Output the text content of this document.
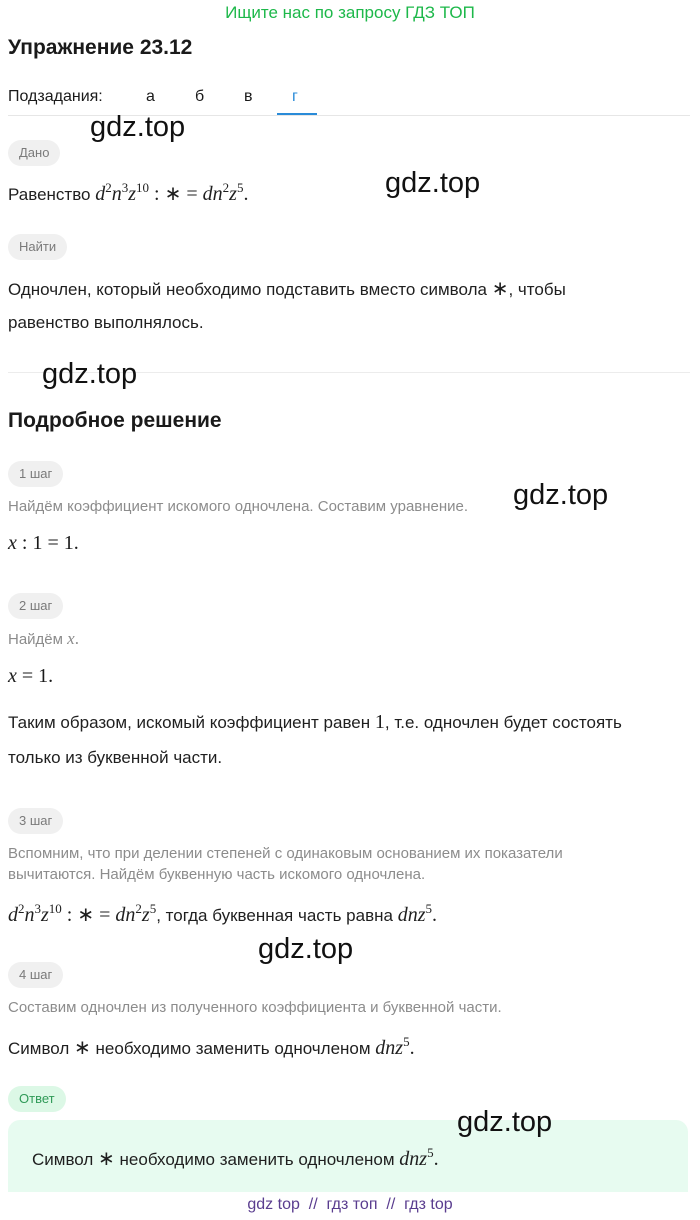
Ищите нас по запросу ГДЗ ТОП
Упражнение 23.12
Подзадания:	а	б в г
Дано
Равенство $d^2n^3z^{10}$ : ∗ = $dn^2z^5$.
Найти
Одночлен, который необходимо подставить вместо символа ∗, чтобы
равенство выполнялось.
Подробное решение
1 шаг
Найдём коэффициент искомого одночлена. Составим уравнение.
x : 1 = 1.
2 шаг
Найдём x.
x = 1.
Таким образом, искомый коэффициент равен 1, т.е. одночлен будет состоять
только из буквенной части.
3 шаг
Вспомним, что при делении степеней с одинаковым основанием их показатели
вычитаются. Найдём буквенную часть искомого одночлена.
$d^2n^3z^{10}$ : ∗ = $dn^2z^5$, тогда буквенная часть равна dnz$^5$.
4 шаг
Составим одночлен из полученного коэффициента и буквенной части.
Символ ∗ необходимо заменить одночленом dnz$^5$.
Ответ
Символ ∗ необходимо заменить одночленом dnz$^5$.
gdz top  //  гдз топ  //  гдз top
gdz.top
gdz.top
gdz.top
gdz.top
gdz.top
gdz.top
